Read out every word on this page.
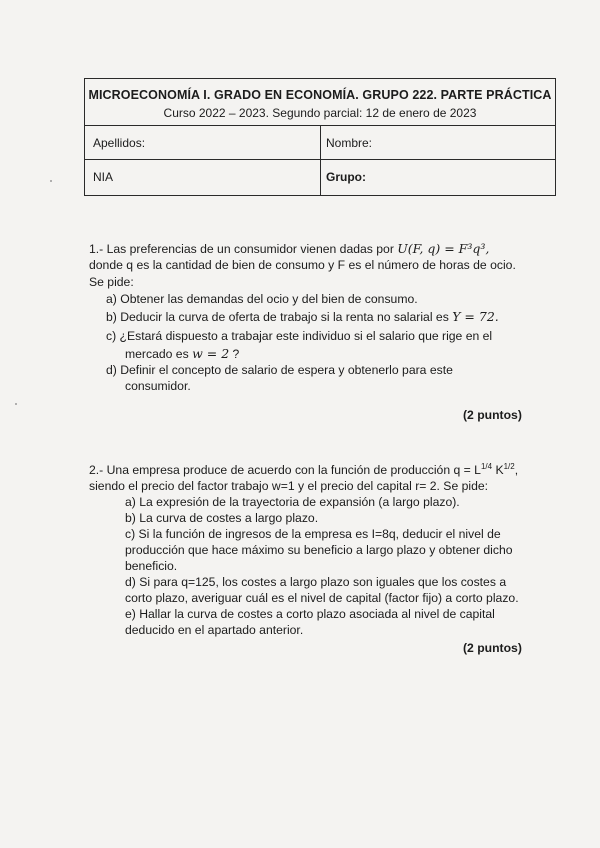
MICROECONOMÍA I. GRADO EN ECONOMÍA. GRUPO 222. PARTE PRÁCTICA
Curso 2022 – 2023. Segundo parcial: 12 de enero de 2023
Apellidos:	Nombre:
NIA	Grupo:
1.- Las preferencias de un consumidor vienen dadas por U(F, q) = F³q³,
donde q es la cantidad de bien de consumo y F es el número de horas de ocio.
Se pide:
a) Obtener las demandas del ocio y del bien de consumo.
b) Deducir la curva de oferta de trabajo si la renta no salarial es Y = 72.
c) ¿Estará dispuesto a trabajar este individuo si el salario que rige en el
mercado es w = 2 ?
d) Definir el concepto de salario de espera y obtenerlo para este
consumidor.
(2 puntos)
2.- Una empresa produce de acuerdo con la función de producción $q = L^{1/4}$ $K^{1/2}$,
siendo el precio del factor trabajo w=1 y el precio del capital r= 2. Se pide:
a) La expresión de la trayectoria de expansión (a largo plazo).
b) La curva de costes a largo plazo.
c) Si la función de ingresos de la empresa es I=8q, deducir el nivel de
producción que hace máximo su beneficio a largo plazo y obtener dicho
beneficio.
d) Si para q=125, los costes a largo plazo son iguales que los costes a
corto plazo, averiguar cuál es el nivel de capital (factor fijo) a corto plazo.
e) Hallar la curva de costes a corto plazo asociada al nivel de capital
deducido en el apartado anterior.
(2 puntos)
